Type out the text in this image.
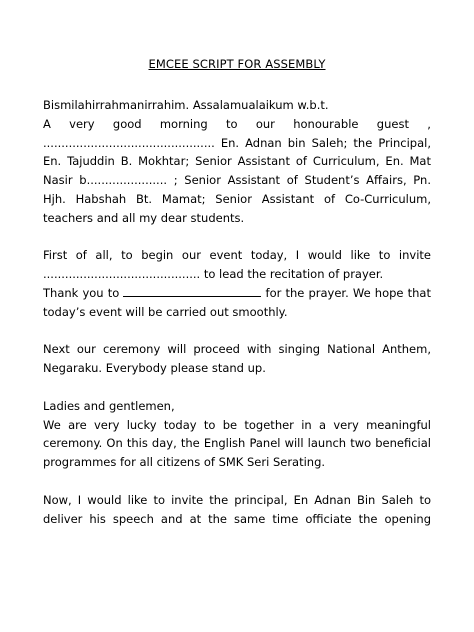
EMCEE SCRIPT FOR ASSEMBLY

Bismilahirrahmanirrahim. Assalamualaikum w.b.t.

A very good morning to our honourable guest ,
............................................... En. Adnan bin Saleh; the Principal,
En. Tajuddin B. Mokhtar; Senior Assistant of Curriculum, En. Mat
Nasir b...................... ; Senior Assistant of Student’s Affairs, Pn.
Hjh. Habshah Bt. Mamat; Senior Assistant of Co-Curriculum,
teachers and all my dear students.

First of all, to begin our event today, I would like to invite
........................................... to lead the recitation of prayer.
Thank you to	for the prayer. We hope that
today’s event will be carried out smoothly.

Next our ceremony will proceed with singing National Anthem,
Negaraku. Everybody please stand up.

Ladies and gentlemen,
We are very lucky today to be together in a very meaningful
ceremony. On this day, the English Panel will launch two beneficial
programmes for all citizens of SMK Seri Serating.

Now, I would like to invite the principal, En Adnan Bin Saleh to
deliver his speech and at the same time officiate the opening
